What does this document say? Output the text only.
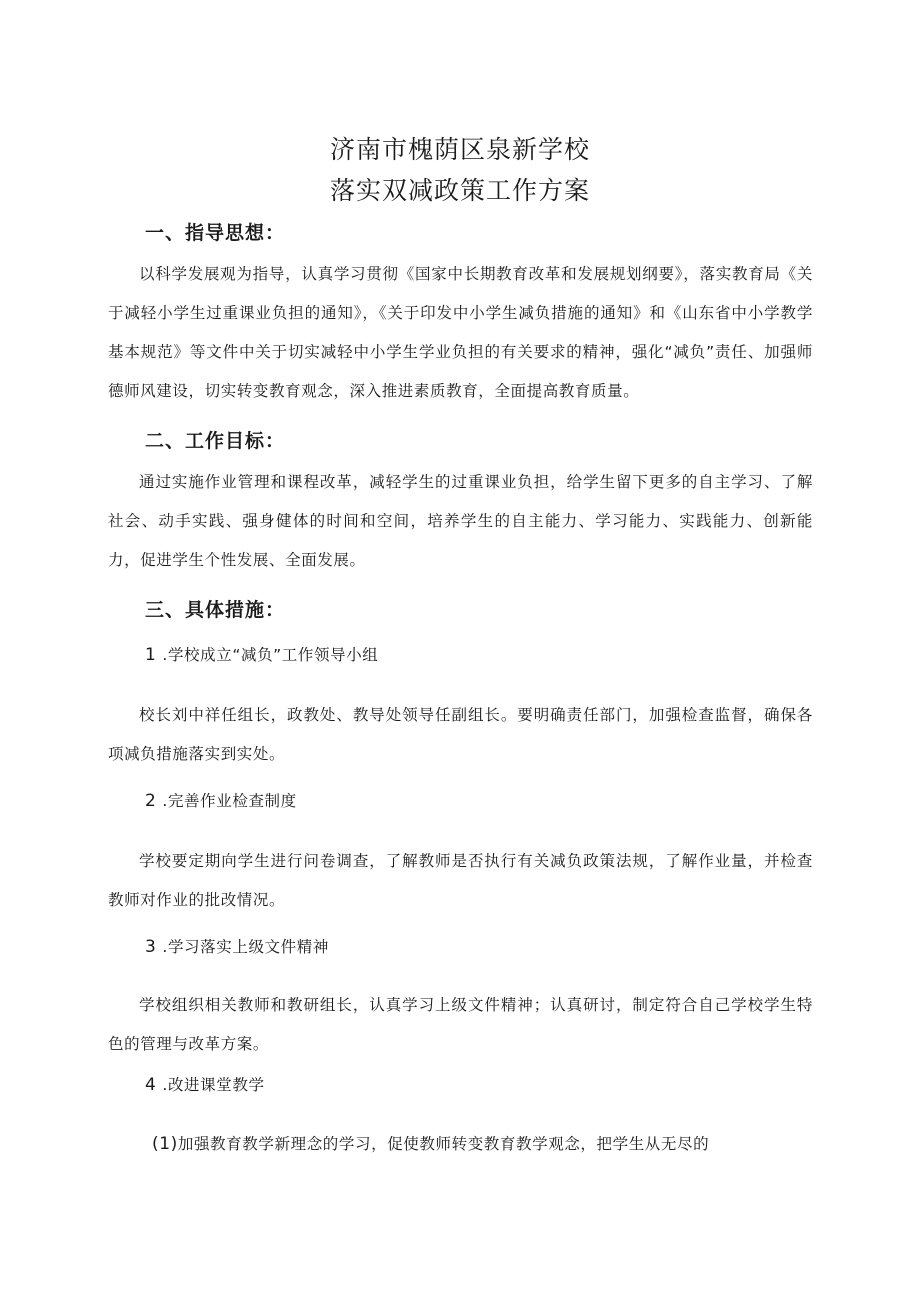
济南市槐荫区泉新学校
落实双减政策工作方案
一、指导思想：
以科学发展观为指导，认真学习贯彻《国家中长期教育改革和发展规划纲要》，落实教育局《关于减轻小学生过重课业负担的通知》，《关于印发中小学生减负措施的通知》和《山东省中小学教学基本规范》等文件中关于切实减轻中小学生学业负担的有关要求的精神，强化“减负”责任、加强师德师风建设，切实转变教育观念，深入推进素质教育，全面提高教育质量。
二、工作目标：
通过实施作业管理和课程改革，减轻学生的过重课业负担，给学生留下更多的自主学习、了解社会、动手实践、强身健体的时间和空间，培养学生的自主能力、学习能力、实践能力、创新能力，促进学生个性发展、全面发展。
三、具体措施：
1 .学校成立“减负”工作领导小组
校长刘中祥任组长，政教处、教导处领导任副组长。要明确责任部门，加强检查监督，确保各项减负措施落实到实处。
2 .完善作业检查制度
学校要定期向学生进行问卷调查，了解教师是否执行有关减负政策法规，了解作业量，并检查教师对作业的批改情况。
3 .学习落实上级文件精神
学校组织相关教师和教研组长，认真学习上级文件精神；认真研讨，制定符合自己学校学生特色的管理与改革方案。
4 .改进课堂教学
(1)加强教育教学新理念的学习，促使教师转变教育教学观念，把学生从无尽的
